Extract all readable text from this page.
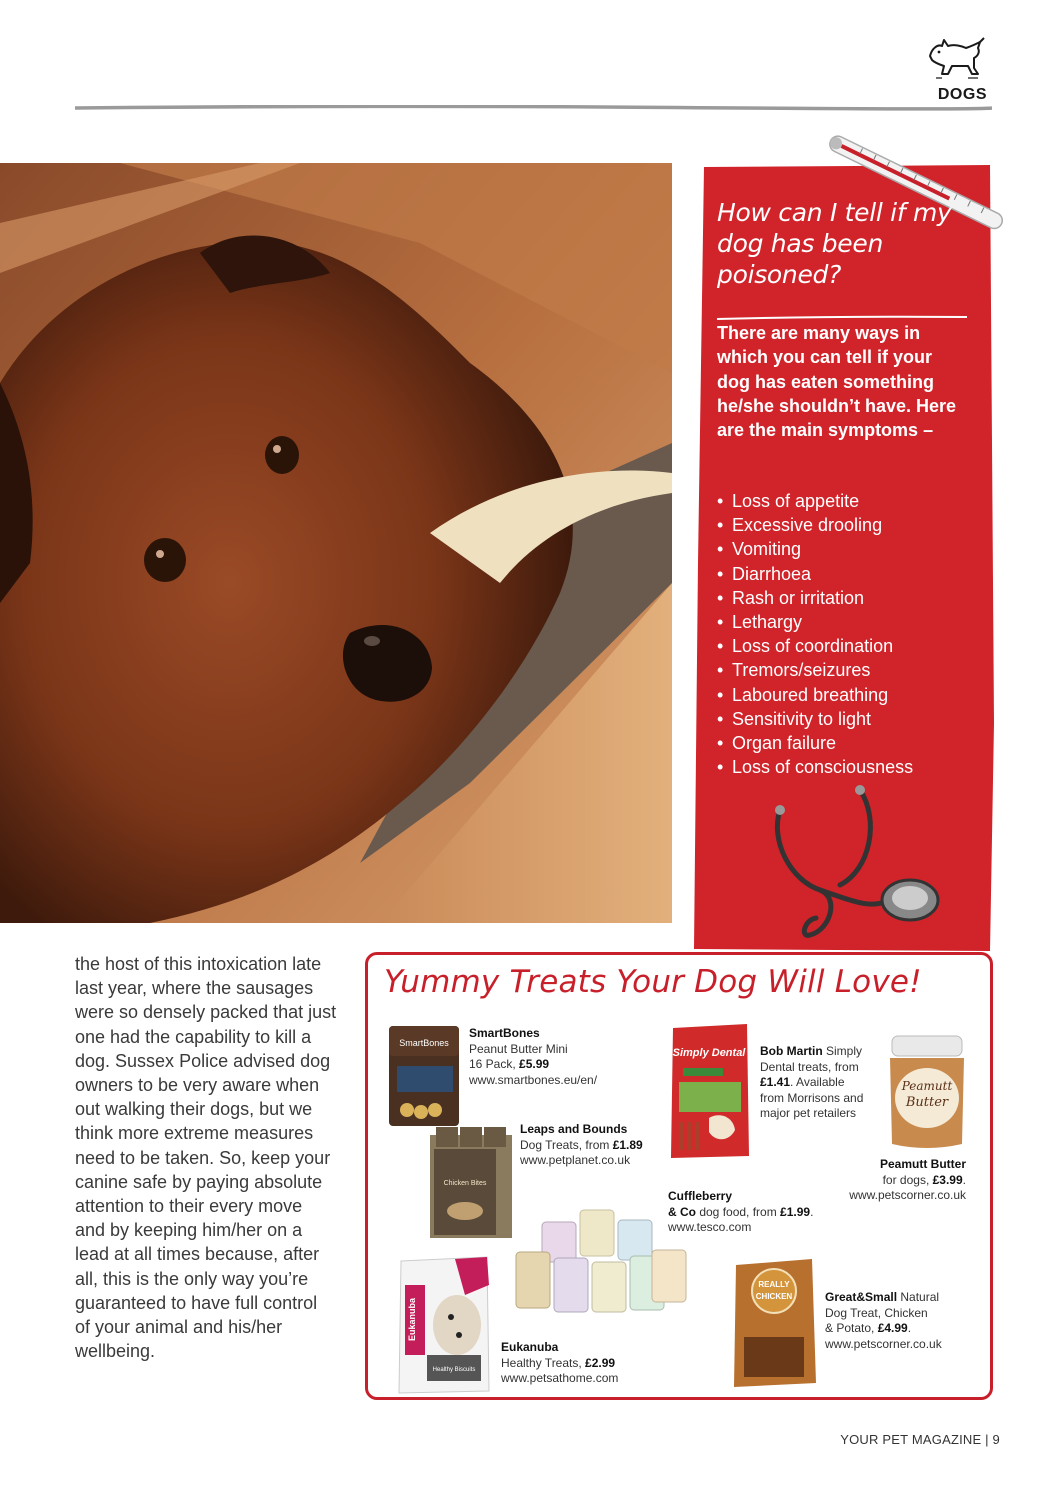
DOGS
How can I tell if my dog has been poisoned?
There are many ways in which you can tell if your dog has eaten something he/she shouldn’t have. Here are the main symptoms –
• Loss of appetite
• Excessive drooling
• Vomiting
• Diarrhoea
• Rash or irritation
• Lethargy
• Loss of coordination
• Tremors/seizures
• Laboured breathing
• Sensitivity to light
• Organ failure
• Loss of consciousness
the host of this intoxication late last year, where the sausages were so densely packed that just one had the capability to kill a dog. Sussex Police advised dog owners to be very aware when out walking their dogs, but we think more extreme measures need to be taken. So, keep your canine safe by paying absolute attention to their every move and by keeping him/her on a lead at all times because, after all, this is the only way you’re guaranteed to have full control of your animal and his/her wellbeing.
Yummy Treats Your Dog Will Love!
SmartBones
SmartBones
Peanut Butter Mini
16 Pack, £5.99
www.smartbones.eu/en/
Chicken Bites
Leaps and Bounds
Dog Treats, from £1.89
www.petplanet.co.uk
Simply Dental Bob Martin Simply
Dental treats, from
£1.41. Available
from Morrisons and
major pet retailers
Peamutt
Butter
Peamutt Butter
for dogs, £3.99.
www.petscorner.co.uk
Cuffleberry
& Co dog food, from £1.99.
www.tesco.com
Eukanuba
Healthy Biscuits
Eukanuba
Healthy Treats, £2.99
www.petsathome.com
REALLY
CHICKEN	Great&Small Natural
Dog Treat, Chicken
& Potato, £4.99.
www.petscorner.co.uk
YOUR PET MAGAZINE | 9
